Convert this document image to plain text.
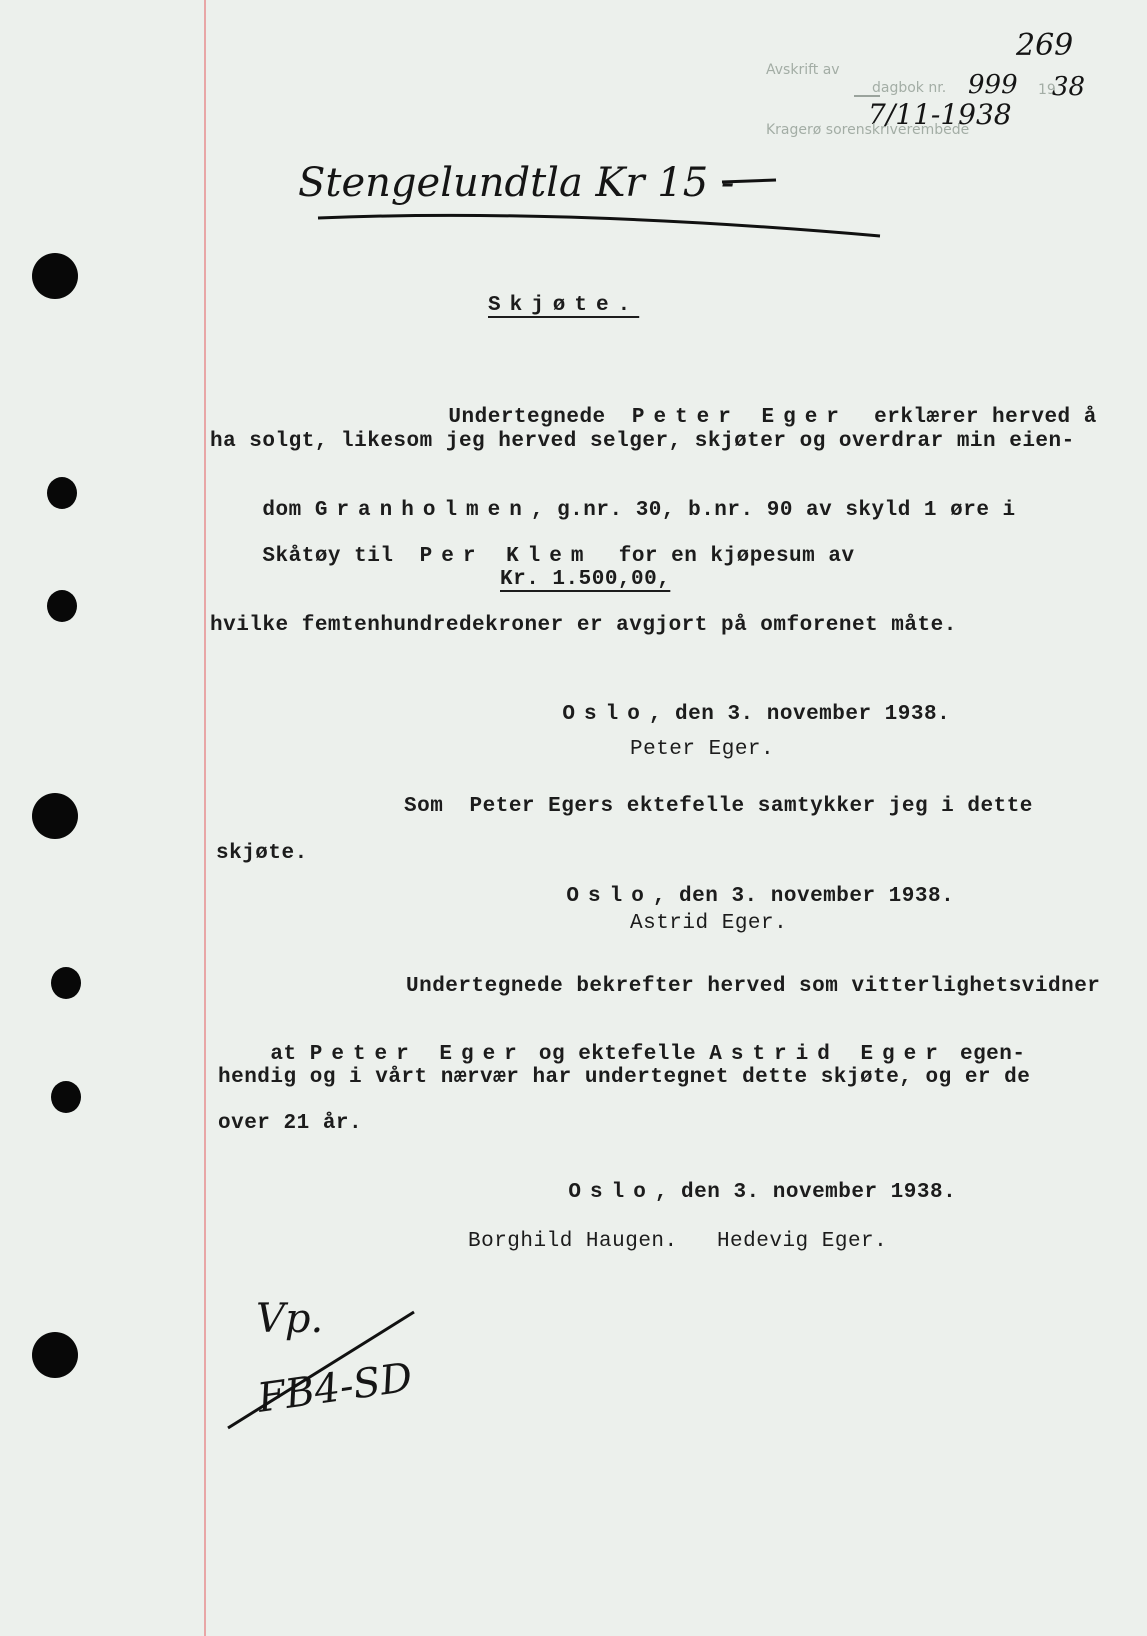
269
Avskrift av
dagbok nr. 999 19
38
7/11-1938
Kragerø sorenskriverembede
Stengelundtla Kr 15 -
Skjøte.

Undertegnede Peter Eger erklærer herved å

ha solgt, likesom jeg herved selger, skjøter og overdrar min eien-

dom Granholmen, g.nr. 30, b.nr. 90 av skyld 1 øre i

Skåtøy til Per Klem for en kjøpesum av

Kr. 1.500,00,
hvilke femtenhundredekroner er avgjort på omforenet måte.

Oslo, den 3. november 1938.

Peter Eger.
Som  Peter Egers ektefelle samtykker jeg i dette
skjøte.

Oslo, den 3. november 1938.

Astrid Eger.
Undertegnede bekrefter herved som vitterlighetsvidner

at Peter Eger og ektefelle Astrid Eger egen-

hendig og i vårt nærvær har undertegnet dette skjøte, og er de
over 21 år.

Oslo, den 3. november 1938.

Borghild Haugen.   Hedevig Eger.
Vp.
FB4-SD
